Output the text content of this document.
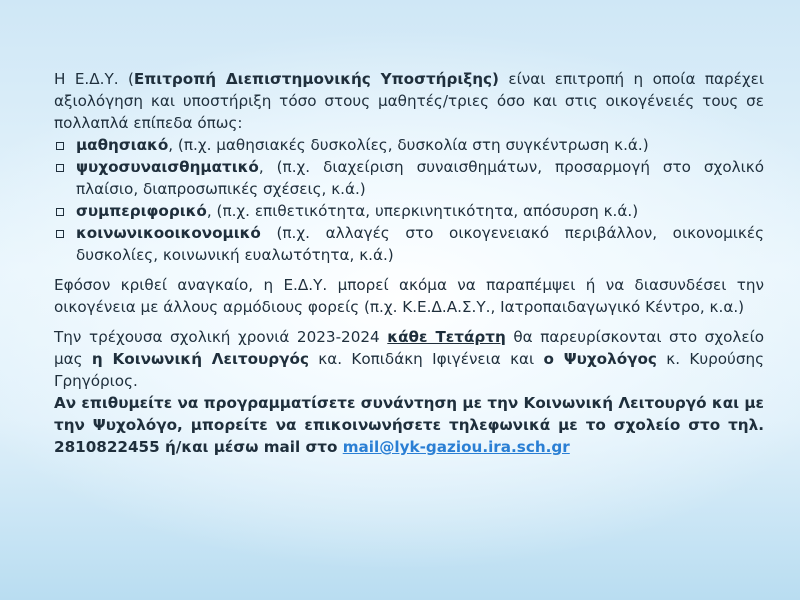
Η Ε.Δ.Υ. (Επιτροπή Διεπιστημονικής Υποστήριξης) είναι επιτροπή η οποία παρέχει αξιολόγηση και υποστήριξη τόσο στους μαθητές/τριες όσο και στις οικογένειές τους σε πολλαπλά επίπεδα όπως:

μαθησιακό, (π.χ. μαθησιακές δυσκολίες, δυσκολία στη συγκέντρωση κ.ά.)
ψυχοσυναισθηματικό, (π.χ. διαχείριση συναισθημάτων, προσαρμογή στο σχολικό πλαίσιο, διαπροσωπικές σχέσεις, κ.ά.)
συμπεριφορικό, (π.χ. επιθετικότητα, υπερκινητικότητα, απόσυρση κ.ά.)
κοινωνικοοικονομικό (π.χ. αλλαγές στο οικογενειακό περιβάλλον, οικονομικές δυσκολίες, κοινωνική ευαλωτότητα, κ.ά.)

Εφόσον κριθεί αναγκαίο, η Ε.Δ.Υ. μπορεί ακόμα να παραπέμψει ή να διασυνδέσει την οικογένεια με άλλους αρμόδιους φορείς (π.χ. Κ.Ε.Δ.Α.Σ.Υ., Ιατροπαιδαγωγικό Κέντρο, κ.α.)

Την τρέχουσα σχολική χρονιά 2023-2024 κάθε Τετάρτη θα παρευρίσκονται στο σχολείο μας η Κοινωνική Λειτουργός κα. Κοπιδάκη Ιφιγένεια και ο Ψυχολόγος κ. Κυρούσης Γρηγόριος.

Αν επιθυμείτε να προγραμματίσετε συνάντηση με την Κοινωνική Λειτουργό και με την Ψυχολόγο, μπορείτε να επικοινωνήσετε τηλεφωνικά με το σχολείο στο τηλ. 2810822455 ή/και μέσω mail στο mail@lyk-gaziou.ira.sch.gr
